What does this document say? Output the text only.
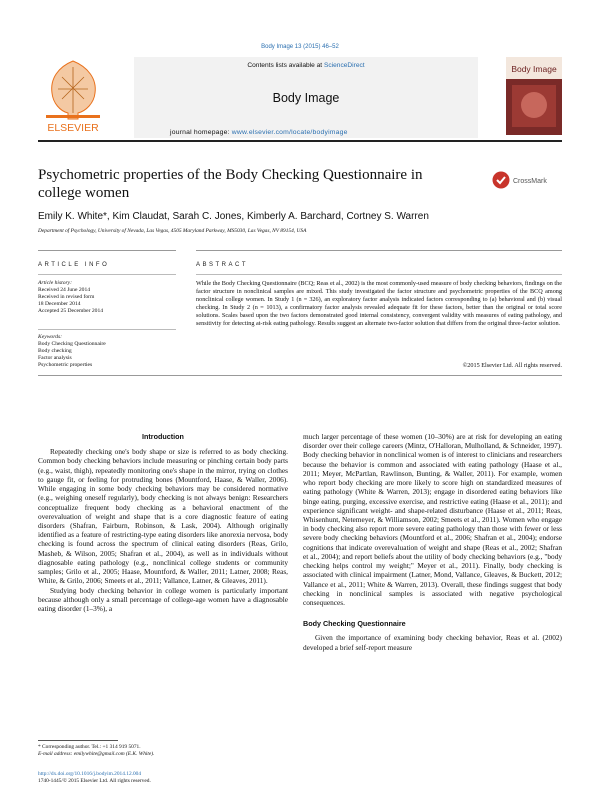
Body Image 13 (2015) 46–52
ELSEVIER
Contents lists available at ScienceDirect
Body Image
Body Image
journal homepage: www.elsevier.com/locate/bodyimage
Psychometric properties of the Body Checking Questionnaire in college women
CrossMark
Emily K. White*, Kim Claudat, Sarah C. Jones, Kimberly A. Barchard, Cortney S. Warren
Department of Psychology, University of Nevada, Las Vegas, 4505 Maryland Parkway, MS5030, Las Vegas, NV 89154, USA
ARTICLE INFO	ABSTRACT
Article history:
Received 24 June 2014
Received in revised form
18 December 2014
Accepted 25 December 2014
Keywords:
Body Checking Questionnaire
Body checking
Factor analysis
Psychometric properties
While the Body Checking Questionnaire (BCQ; Reas et al., 2002) is the most commonly-used measure of body checking behaviors, findings on the factor structure in nonclinical samples are mixed. This study investigated the factor structure and psychometric properties of the BCQ among nonclinical college women. In Study 1 (n = 326), an exploratory factor analysis indicated factors corresponding to (a) behavioral and (b) visual checking. In Study 2 (n = 1013), a confirmatory factor analysis revealed adequate fit for these factors, better than the original or total score solutions. Scales based upon the two factors demonstrated good internal consistency, convergent validity with measures of eating pathology, and sensitivity for detecting at-risk eating pathology. Results suggest an alternate two-factor solution that differs from the original three-factor solution.
©2015 Elsevier Ltd. All rights reserved.
Introduction

Repeatedly checking one's body shape or size is referred to as body checking. Common body checking behaviors include measuring or pinching certain body parts (e.g., waist, thigh), repeatedly monitoring one's shape in the mirror, trying on clothes to gauge fit, or feeling for protruding bones (Mountford, Haase, & Waller, 2006). While engaging in some body checking behaviors may be considered normative (e.g., weighing oneself regularly), body checking is not always benign: Researchers conceptualize frequent body checking as a behavioral enactment of the overevaluation of weight and shape that is a core diagnostic feature of eating disorders (Shafran, Fairburn, Robinson, & Lask, 2004). Although originally identified as a feature of restricting-type eating disorders like anorexia nervosa, body checking is found across the spectrum of clinical eating disorders (Reas, Grilo, Masheb, & Wilson, 2005; Shafran et al., 2004), as well as in individuals without diagnosable eating pathology (e.g., nonclinical college students or community samples; Grilo et al., 2005; Haase, Mountford, & Waller, 2011; Latner, 2008; Reas, White, & Grilo, 2006; Smeets et al., 2011; Vallance, Latner, & Gleaves, 2011).

Studying body checking behavior in college women is particularly important because although only a small percentage of college-age women have a diagnosable eating disorder (1–3%), a

much larger percentage of these women (10–30%) are at risk for developing an eating disorder over their college careers (Mintz, O'Halloran, Mulholland, & Schneider, 1997). Body checking behavior in nonclinical women is of interest to clinicians and researchers because the behavior is common and associated with eating pathology (Haase et al., 2011; Meyer, McPartlan, Rawlinson, Bunting, & Waller, 2011). For example, women who report body checking are more likely to score high on standardized measures of eating pathology (White & Warren, 2013); engage in disordered eating behaviors like binge eating, purging, excessive exercise, and restrictive eating (Haase et al., 2011); and experience significant weight- and shape-related disturbance (Haase et al., 2011; Reas, Whisenhunt, Netemeyer, & Williamson, 2002; Smeets et al., 2011). Women who engage in body checking also report more severe eating pathology than those with fewer or less severe body checking behaviors (Mountford et al., 2006; Shafran et al., 2004); endorse cognitions that indicate overevaluation of weight and shape (Reas et al., 2002; Shafran et al., 2004); and report beliefs about the utility of body checking behaviors (e.g., "body checking helps control my weight;" Meyer et al., 2011). Finally, body checking is associated with clinical impairment (Latner, Mond, Vallance, Gleaves, & Buckett, 2012; Vallance et al., 2011; White & Warren, 2013). Overall, these findings suggest that body checking in nonclinical samples is associated with negative psychological consequences.

Body Checking Questionnaire

Given the importance of examining body checking behavior, Reas et al. (2002) developed a brief self-report measure

* Corresponding author. Tel.: +1 314 919 5071.
E-mail address: emilywhite@gmail.com (E.K. White).
http://dx.doi.org/10.1016/j.bodyim.2014.12.004
1740-1445/© 2015 Elsevier Ltd. All rights reserved.
